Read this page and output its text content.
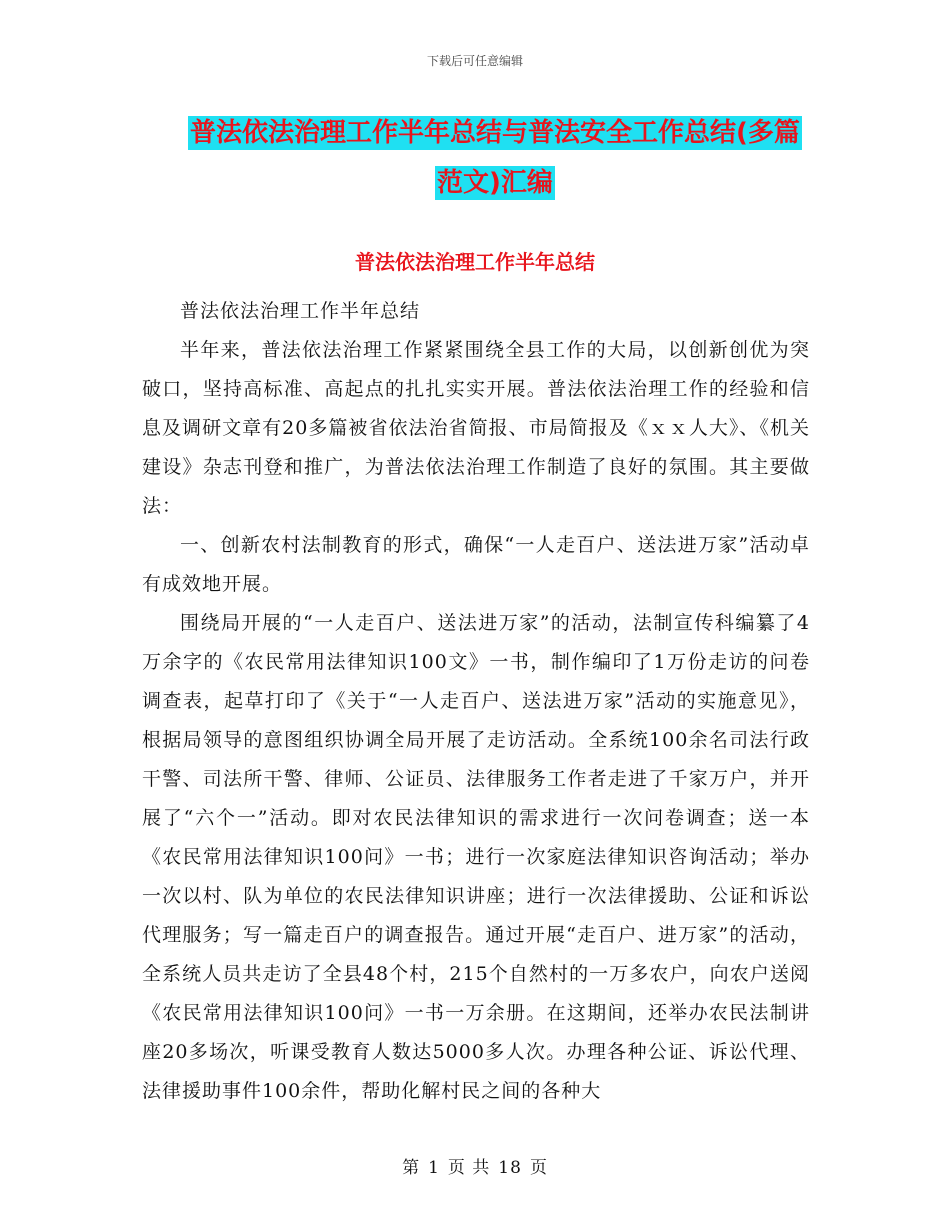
下载后可任意编辑
普法依法治理工作半年总结与普法安全工作总结(多篇
范文)汇编
普法依法治理工作半年总结

普法依法治理工作半年总结

半年来，普法依法治理工作紧紧围绕全县工作的大局，以创新创优为突破口，坚持高标准、高起点的扎扎实实开展。普法依法治理工作的经验和信息及调研文章有20多篇被省依法治省简报、市局简报及《ｘｘ人大》、《机关建设》杂志刊登和推广，为普法依法治理工作制造了良好的氛围。其主要做法：

一、创新农村法制教育的形式，确保“一人走百户、送法进万家”活动卓有成效地开展。

围绕局开展的“一人走百户、送法进万家”的活动，法制宣传科编纂了4万余字的《农民常用法律知识100文》一书，制作编印了1万份走访的问卷调查表，起草打印了《关于“一人走百户、送法进万家”活动的实施意见》，根据局领导的意图组织协调全局开展了走访活动。全系统100余名司法行政干警、司法所干警、律师、公证员、法律服务工作者走进了千家万户，并开展了“六个一”活动。即对农民法律知识的需求进行一次问卷调查；送一本《农民常用法律知识100问》一书；进行一次家庭法律知识咨询活动；举办一次以村、队为单位的农民法律知识讲座；进行一次法律援助、公证和诉讼代理服务；写一篇走百户的调查报告。通过开展“走百户、进万家”的活动，全系统人员共走访了全县48个村，215个自然村的一万多农户，向农户送阅《农民常用法律知识100问》一书一万余册。在这期间，还举办农民法制讲座20多场次，听课受教育人数达5000多人次。办理各种公证、诉讼代理、法律援助事件100余件，帮助化解村民之间的各种大

第 1 页 共 18 页
